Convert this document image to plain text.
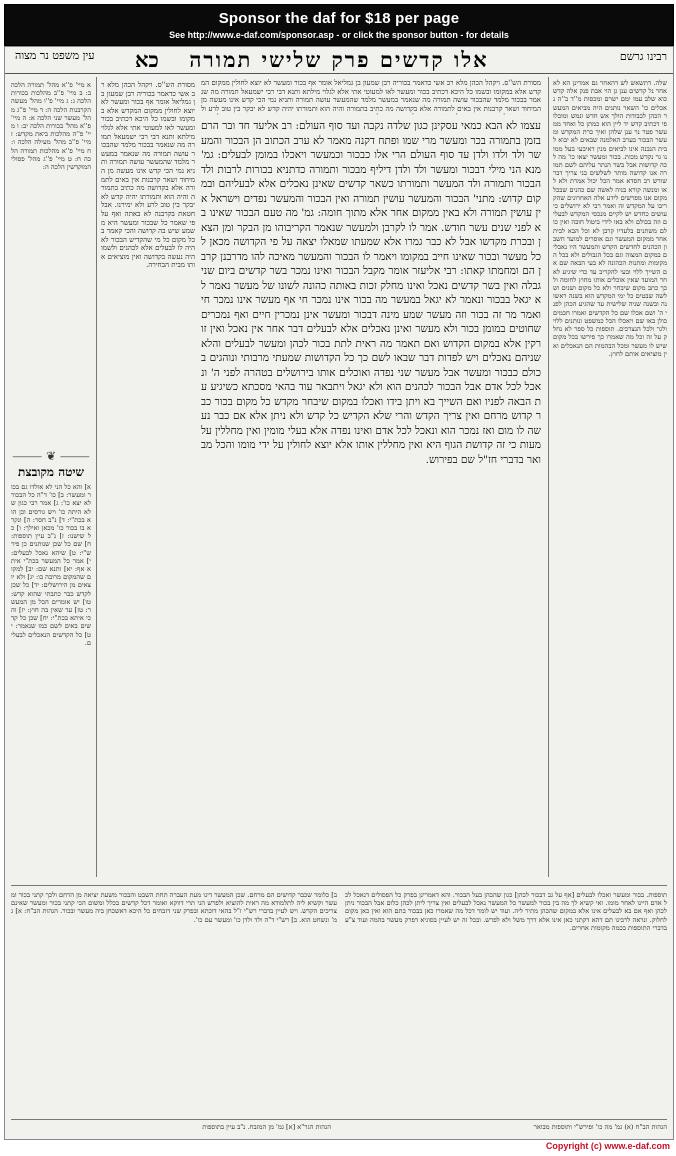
Sponsor the daf for $18 per page
See http://www.e-daf.com/sponsor.asp - or click the sponsor button - for details
עין משפט נר מצוה כא	אלו קדשים פרק שלישי תמורה	רבינו גרשם
שלה. דתשאש לש דהאחר גם אמרינן הא לא אחר נל קדשים ענן גן הוי אבת פנק אלה קדש כוא שלב עמו ימם ישרם ומכסות מ''ד ב''ה נאכלים כו' השאר נותנים היה מביאים המעשר הכהן לכבודות הולך אש חדש ונמש ומובלו פי דכתיב קדש יד ליין הוא כמתן כל ואחד ממעשר פטר נר ענן שלהן ואיך כרת המקדש ומעשר הבכור בערב האלמנה שבאים לא יבוא לבית הנבנה אינו לביאים מנין דאיבעי בעל ממונו גר נקדש מכות. בכור ומעשר יצאו כו' מה לכה קדושות אבל בשר הנתר עליהם לשם תמורה אנו קדושה מותר לשלשים בני צריך דבר שורש רב חסדא אמר הכל יכול אמרת ולא לאו ומנשה קורא בניה לאשה שם כהנים שבכל מקום אנו מפרשים לידע אלה האחרונים שהקריבו על המקדש זה ואמר רבי לא ירושלים כי עושים כחדש יש לקיים מנכסי המקדש לבעלים וזה בכולם ולא באו לידי ביטול חובה ואין כולם משתנים בלעדיו קרבן לא וכל הבא לבית אחר ממקום המעשר וגם אוסרים למועד חשבון הכהנים לחדשים הקדש והמעשר היו נאכלים במקום המצוה וגם בכל הגבולים ולא בכל המקומות ומתנות הכהונה לא בעי הבאה שם אם השייך ללוי ובעי להקריב עד כדי שיגיע לאחר המועד שאין אוכלים אותו מחוץ לחומה ולכך כתב מקום שיבחר ולא כל מקום ושנים ושלשה שבטים כל ימי המקדש הוא בשנה ראשונה ובשנה שניה שלישית עד שהגיע הכהן לפני ה' ושם אכלו שם כל הקדשים ואמרו חכמים כולן באו שם ויאכלו הכל כמשפט ונותנים ללוי ולגר ולכל הנצרכים. תוספות כל ספר לא נחלק על זה וכל מה שאמרו כך פירשו בכל מקום שיש לו מעשר ומכל הבהמות הם הנאכלים ואין מוציאים אותם לחוץ.
עצמו לא הבא כמאי עסקינן כגון שלדה נקבה ועד סוף העולם: רב אליעד חד ובר הרם בזמן בתמורה בכר ומעשר מרי שמו ופתח דקנה מאמר לא ערב הכתוב הן הבכור והמעשר ולד ולדו ולדן עד סוף העולם הרי אלו כבכור וכמעשר ויאכלו במומן לבעלים: גמ' מנא הני מילי דבכור ומעשר ולד ולדן דיליף מבכור ותמורה כדתניא בכורות לרבות ולד הבכור ותמורה ולד המעשר ותמורתו כשאר קדשים שאינן נאכלים אלא לבעליהם ובמקום קדוש: מתני' הבכור והמעשר עושין תמורה ואין הבכור והמעשר נפדים וישראל אין עושין תמורה ולא באין ממקום אחר אלא מתוך חומה: גמ' מה טעם הבכור שאינו בא לפני שנים עשר חודש. אמר לו לקרבן ולמעשר שנאמר הקריבוהו מן הבקר ומן הצאן ובכרת מקדשו אבל לא כבר גמרו אלא שמעתו שמאלו יצאה על פי הקדושה מכאן לכל מעשר ובכור שאינו חייב במקומו ויאמר לו הבכור והמעשר מאיכה להו מדרבנן קרבן הם ומחמתו קאתו: רבי אליעזר אומר מקבל הבכור ואינו נמכר בשר קדשים ביום שני גבלה ואין בשר קדשים נאכל ואינו מחלק זכות באותה כהונה לשונו של מעשר נאמר לא יגאל בבכור ונאמר לא יגאל במעשר מה בכור אינו נמכר חי אף מעשר אינו נמכר חי ואמר מר זה בכור וזה מעשר שמע מינה דבכור ומעשר אינן נמכרין חיים ואף נמכרים שחוטים במומן בכור ולא מעשר ואינן נאכלים אלא לבעלים דבר אחר אין נאכל ואין זורקין אלא במקום הקדוש ואם תאמר מה ראית לתת בכור לכהן ומעשר לבעלים והלא שניהם נאכלים ויש לפדות דבר שבאו לשם כך כל הקדושות שמעתי מרבותי ונוהגים בכולם כבכור ומעשר אבל מעשר שני נפדה ואוכלים אותו בירושלים בטהרה לפני ה' ונאכל לכל אדם אבל הבכור לכהנים הוא ולא יגאל ויתבאר עוד בהאי מסכתא כשיגיע עת הבאה לפניו ואם השייך בא ויתן בידו ואכלו במקום שיבחר מקדש כל מקום בכור כבר קדוש מרחם ואין צריך הקדש והרי שלא הקדיש כל קדש ולא ניתן אלא אם כבר נעשה לו מום ואז נמכר הוא ונאכל לכל אדם ואינו נפדה אלא בעלי מומין ואין מחללין על מעות כי זה קדושת הגוף היא ואין מחללין אותו אלא יוצא לחולין על ידי מומו והכל מבואר בדברי חז"ל שם בפירוש.
מסורת הש''ס. ויקהל הכהן מלא רב אשי כדאמר בכוריה רבן שמעון בן גמליאל אומר אף בכור ומעשר לא יוצא לחולין ממקום המקדש אלא במקומו ובשמו כל היכא דכתיב בכור ומעשר לאו למעוטי אתי אלא לגלוי מילתא ותנא דבי רבי ישמעאל תמורה מה שנאמר בבכור מלמד שהבכור עושה תמורה מה שנאמר במעשר מלמד שהמעשר עושה תמורה ותניא נמי הכי קדש אינו מעשה מן המיחוד ושאר קרבנות אין באים לתמורה אלא בקדושה מה כתיב בתמורה והיה הוא ותמורתו יהיה קדש לא יבקר בין טוב לרע ולא ימירנו. אבל חטאת בקרבנה לא באתה ואף על פי שאמר כל שבכור ומעשר היא משמע שיש בה קדושה והכי קאמר בכל מקום כל מי שהקדיש הבכור לא היה לו לבעלים אלא לכהנים ולשמו היה נעשה בקדושה ואין מוציאים אותו מבית הבחירה.
מסורת הש''ס. ויקהל הכהן מלא רב אשי כדאמר בכוריה רבן שמעון בן גמליאל אומר אף בכור ומעשר לא יוצא לחולין ממקום המקדש אלא במקומו ובשמו כל היכא דכתיב בכור ומעשר לאו למעוטי אתי אלא לגלוי מילתא ותנא דבי רבי ישמעאל תמורה מה שנאמר בבכור מלמד שהבכור עושה תמורה מה שנאמר במעשר מלמד שהמעשר עושה תמורה ותניא נמי הכי קדש אינו מעשה מן המיחוד ושאר קרבנות אין באים לתמורה אלא בקדושה מה כתיב בתמורה והיה הוא ותמורתו יהיה קדש לא יבקר בין טוב לרע ול
א מיי' פ''א מהל' תמורה הלכה ב: ב מיי' פ''ב מהלכות בכורות הלכה ג: ג מיי' פ''ו מהל' מעשה הקרבנות הלכה ה: ד מיי' פ''ג מהל' מעשר שני הלכה א: ה מיי' פ''א מהל' בכורות הלכה יב: ו מיי' פ''ה מהלכות ביאת מקדש: ז מיי' פ''ב מהל' מעילה הלכה ו: ח מיי' פ''א מהלכות תמורה הלכה ח: ט מיי' פ''ג מהל' פסולי המוקדשין הלכה ה:
⸻ ❦ ⸻
שיטה מקובצת
א] והא כל הני לא אולדו גם בכור ומעשר: ב] כו' ד"ה כל הבכור לא יצא כו': ג] אמר רבי כגון שלא היתה כו' ויש גורסים וכן הוא בכת"י: ד] נ"ב חסר: ה] ונקרא בו בכור כו' מכאן ואילך: ו] כל שישנו: ז] נ"ב עיין תוספות: ח] שם כל שכן שנותנים כן פירש"י: ט] שיהא נאכל לבעלים: י] אמר כל המעשר בכת"י איתא אף: יא] ותנא שם: יב] למקום שהמקום מרובה בו: יג] ולא יוצאים מן הירושלים: יד] כל שכן לקדש כבר כתבתי שהוא קדש: טו] יש אומרים הכל מן המעשר: טז] עד שאין בה חוץ: יז] והכי איתא בכת"י: יח] שכן כל קדשים באים לשם כמו שנאמר: יט] כל הקדשים הנאכלים לבעלים.
תוספות. בכור ומעשר ואכלו לבעלים [אף על גב דבכור לכהן] כגון שהכהן בעל הבכור. והא דאמרינן בפרק כל הפסולים דנאכל לכל אדם היינו לאחר מומו. ואי קשיא לך מה בין בכור למעשר כל המעשר נאכל לבעלים ואין צריך ליתן לכהן כלום אבל הבכור ניתן לכהן ואף אם בא לבעלים אינו אלא במקום שהכהן מתיר ליה. ועוד יש לומר דכל מה שאמרו כאן בבכור בתם הוא ואין כאן מקום לחלוק. ונראה לרבינו תם דהא דקתני כאן אינו אלא דרך משל ולא לפרש. ובכל זה יש לעיין בסוגיא דפרק מעשר בהמה ועוד צ"ע בדברי התוספות בכמה מקומות אחרים.
ב] כלומר שכבר קדושים הם מרחם. שכן המעשר דינו מעת העברה תחת השבט והבכור משעת יציאה מן הרחם ולכך קתני בכור ומעשר וקשיא ליה לתלמודא מה ראית להוציא ולפרש הני תרי דווקא ואומר דכל קדשים בכלל ומשום הכי קתני בכור ומעשר שאינם צריכים הקדש. ויש לעיין בדברי רש"י ז"ל בהאי דוכתא ובפרק שני דזבחים כל היכא דאשכחן ביה מעשר ובכור. הגהות הב"ח: א] גמ' ונשחט הוא. ב] רש"י ד"ה ולד ולדן כו' ומעשר עם כו'.
הגהות הגר"א [א] גמ' מן המזבח. נ"ב עיין בתוספות	הגהות הב"ח (א) גמ' מה כו' ופירש"י ותוספות מבואר
Copyright (c) www.e-daf.com
